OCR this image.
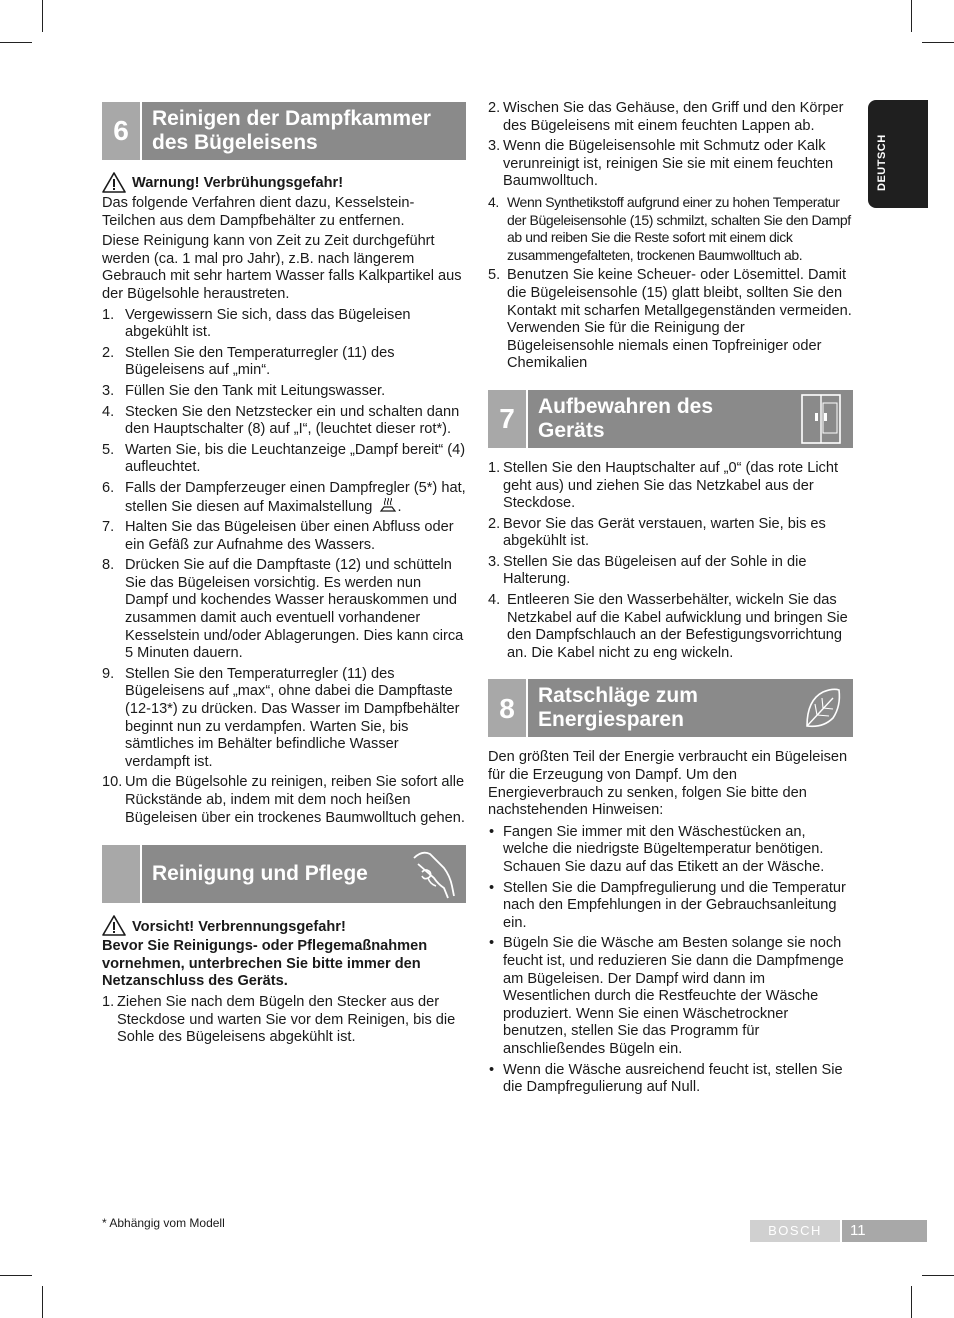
DEUTSCH
6	Reinigen der Dampfkammer
des Bügeleisens
Warnung! Verbrühungsgefahr!

Das folgende Verfahren dient dazu, Kesselstein-Teilchen aus dem Dampfbehälter zu entfernen.

Diese Reinigung kann von Zeit zu Zeit durchgeführt werden (ca. 1 mal pro Jahr), z.B. nach längerem Gebrauch mit sehr hartem Wasser falls Kalkpartikel aus der Bügelsohle heraustreten.

1. Vergewissern Sie sich, dass das Bügeleisen abgekühlt ist.
2. Stellen Sie den Temperaturregler (11) des Bügeleisens auf „min“.
3. Füllen Sie den Tank mit Leitungswasser.
4. Stecken Sie den Netzstecker ein und schalten dann den Hauptschalter (8) auf „I“, (leuchtet dieser rot*).
5. Warten Sie, bis die Leuchtanzeige „Dampf bereit“ (4) aufleuchtet.
6. Falls der Dampferzeuger einen Dampfregler (5*) hat, stellen Sie diesen auf Maximalstellung .
7. Halten Sie das Bügeleisen über einen Abfluss oder ein Gefäß zur Aufnahme des Wassers.
8. Drücken Sie auf die Dampftaste (12) und schütteln Sie das Bügeleisen vorsichtig. Es werden nun Dampf und kochendes Wasser herauskommen und zusammen damit auch eventuell vorhandener Kesselstein und/oder Ablagerungen. Dies kann circa 5 Minuten dauern.
9. Stellen Sie den Temperaturregler (11) des Bügeleisens auf „max“, ohne dabei die Dampftaste (12-13*) zu drücken. Das Wasser im Dampfbehälter beginnt nun zu verdampfen. Warten Sie, bis sämtliches im Behälter befindliche Wasser verdampft ist.
10. Um die Bügelsohle zu reinigen, reiben Sie sofort alle Rückstände ab, indem mit dem noch heißen Bügeleisen über ein trockenes Baumwolltuch gehen.
Reinigung und Pflege
Vorsicht! Verbrennungsgefahr!

Bevor Sie Reinigungs- oder Pflegemaßnahmen vornehmen, unterbrechen Sie bitte immer den Netzanschluss des Geräts.

1. Ziehen Sie nach dem Bügeln den Stecker aus der Steckdose und warten Sie vor dem Reinigen, bis die Sohle des Bügeleisens abgekühlt ist.
2. Wischen Sie das Gehäuse, den Griff und den Körper des Bügeleisens mit einem feuchten Lappen ab.
3. Wenn die Bügeleisensohle mit Schmutz oder Kalk verunreinigt ist, reinigen Sie sie mit einem feuchten Baumwolltuch.
4. Wenn Synthetikstoff aufgrund einer zu hohen Temperatur der Bügeleisensohle (15) schmilzt, schalten Sie den Dampf ab und reiben Sie die Reste sofort mit einem dick zusammengefalteten, trockenen Baumwolltuch ab.
5. Benutzen Sie keine Scheuer- oder Lösemittel. Damit die Bügeleisensohle (15) glatt bleibt, sollten Sie den Kontakt mit scharfen Metallgegenständen vermeiden. Verwenden Sie für die Reinigung der Bügeleisensohle niemals einen Topfreiniger oder Chemikalien
7	Aufbewahren des
Geräts
1. Stellen Sie den Hauptschalter auf „0“ (das rote Licht geht aus) und ziehen Sie das Netzkabel aus der Steckdose.
2. Bevor Sie das Gerät verstauen, warten Sie, bis es abgekühlt ist.
3. Stellen Sie das Bügeleisen auf der Sohle in die Halterung.
4. Entleeren Sie den Wasserbehälter, wickeln Sie das Netzkabel auf die Kabel aufwicklung und bringen Sie den Dampfschlauch an der Befestigungsvorrichtung an. Die Kabel nicht zu eng wickeln.
8	Ratschläge zum
Energiesparen

Den größten Teil der Energie verbraucht ein Bügeleisen für die Erzeugung von Dampf. Um den Energieverbrauch zu senken, folgen Sie bitte den nachstehenden Hinweisen:

• Fangen Sie immer mit den Wäschestücken an, welche die niedrigste Bügeltemperatur benötigen. Schauen Sie dazu auf das Etikett an der Wäsche.
• Stellen Sie die Dampfregulierung und die Temperatur nach den Empfehlungen in der Gebrauchsanleitung ein.
• Bügeln Sie die Wäsche am Besten solange sie noch feucht ist, und reduzieren Sie dann die Dampfmenge am Bügeleisen. Der Dampf wird dann im Wesentlichen durch die Restfeuchte der Wäsche produziert. Wenn Sie einen Wäschetrockner benutzen, stellen Sie das Programm für anschließendes Bügeln ein.
• Wenn die Wäsche ausreichend feucht ist, stellen Sie die Dampfregulierung auf Null.
* Abhängig vom Modell	BOSCH	11
